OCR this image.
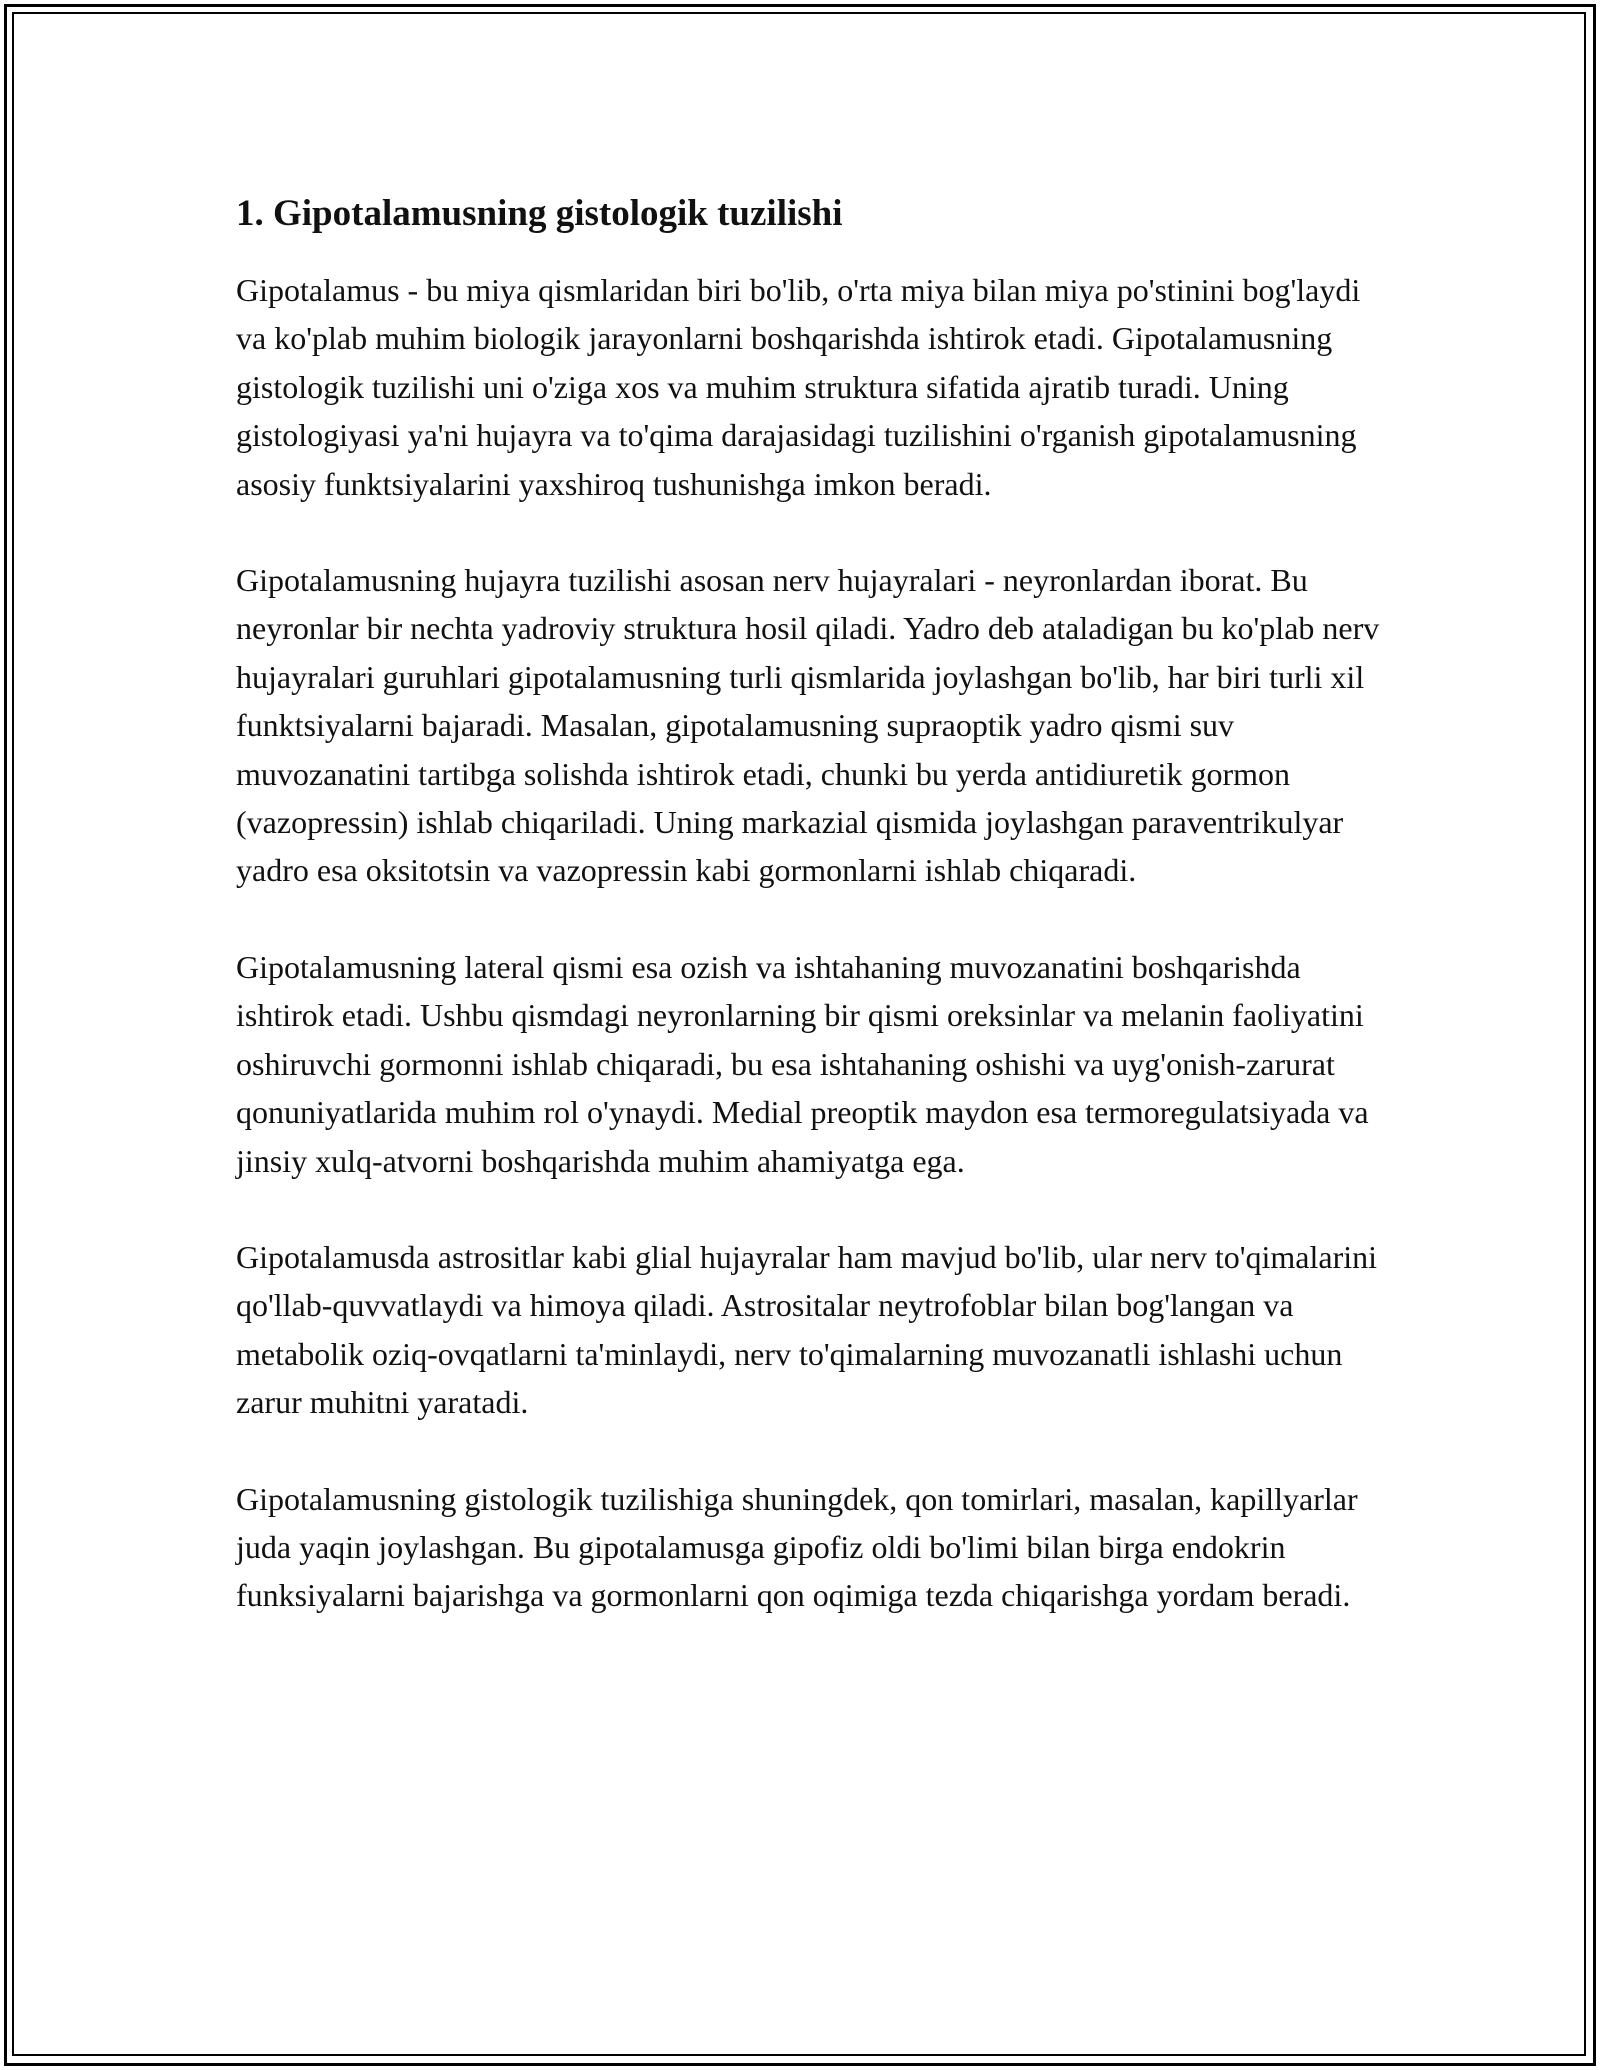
1. Gipotalamusning gistologik tuzilishi

Gipotalamus - bu miya qismlaridan biri bo'lib, o'rta miya bilan miya po'stinini bog'laydi va ko'plab muhim biologik jarayonlarni boshqarishda ishtirok etadi. Gipotalamusning gistologik tuzilishi uni o'ziga xos va muhim struktura sifatida ajratib turadi. Uning gistologiyasi ya'ni hujayra va to'qima darajasidagi tuzilishini o'rganish gipotalamusning asosiy funktsiyalarini yaxshiroq tushunishga imkon beradi.

Gipotalamusning hujayra tuzilishi asosan nerv hujayralari - neyronlardan iborat. Bu neyronlar bir nechta yadroviy struktura hosil qiladi. Yadro deb ataladigan bu ko'plab nerv hujayralari guruhlari gipotalamusning turli qismlarida joylashgan bo'lib, har biri turli xil funktsiyalarni bajaradi. Masalan, gipotalamusning supraoptik yadro qismi suv muvozanatini tartibga solishda ishtirok etadi, chunki bu yerda antidiuretik gormon (vazopressin) ishlab chiqariladi. Uning markazial qismida joylashgan paraventrikulyar yadro esa oksitotsin va vazopressin kabi gormonlarni ishlab chiqaradi.

Gipotalamusning lateral qismi esa ozish va ishtahaning muvozanatini boshqarishda ishtirok etadi. Ushbu qismdagi neyronlarning bir qismi oreksinlar va melanin faoliyatini oshiruvchi gormonni ishlab chiqaradi, bu esa ishtahaning oshishi va uyg'onish-zarurat qonuniyatlarida muhim rol o'ynaydi. Medial preoptik maydon esa termoregulatsiyada va jinsiy xulq-atvorni boshqarishda muhim ahamiyatga ega.

Gipotalamusda astrositlar kabi glial hujayralar ham mavjud bo'lib, ular nerv to'qimalarini qo'llab-quvvatlaydi va himoya qiladi. Astrositalar neytrofoblar bilan bog'langan va metabolik oziq-ovqatlarni ta'minlaydi, nerv to'qimalarning muvozanatli ishlashi uchun zarur muhitni yaratadi.

Gipotalamusning gistologik tuzilishiga shuningdek, qon tomirlari, masalan, kapillyarlar juda yaqin joylashgan. Bu gipotalamusga gipofiz oldi bo'limi bilan birga endokrin funksiyalarni bajarishga va gormonlarni qon oqimiga tezda chiqarishga yordam beradi.
